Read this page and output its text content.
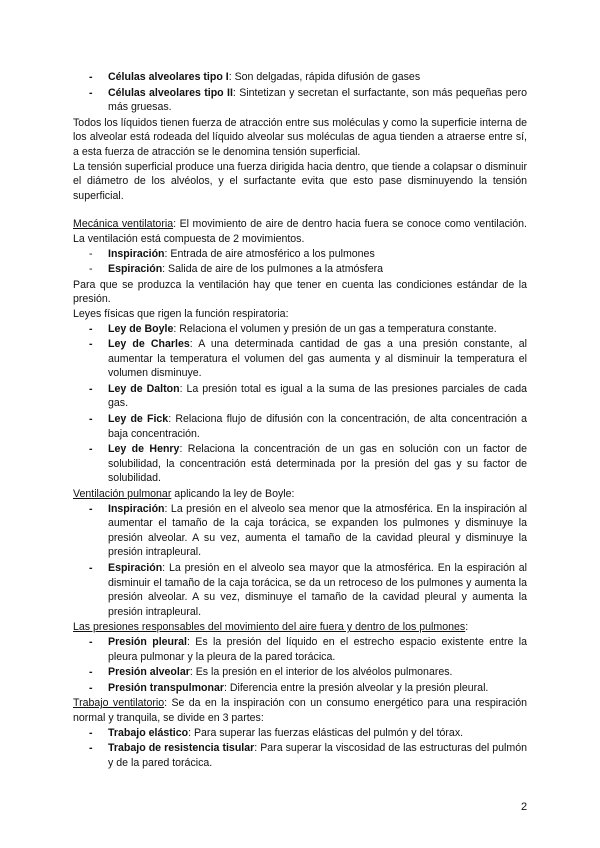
- Células alveolares tipo I: Son delgadas, rápida difusión de gases
- Células alveolares tipo II: Sintetizan y secretan el surfactante, son más pequeñas pero más gruesas.

Todos los líquidos tienen fuerza de atracción entre sus moléculas y como la superficie interna de los alveolar está rodeada del líquido alveolar sus moléculas de agua tienden a atraerse entre sí, a esta fuerza de atracción se le denomina tensión superficial.

La tensión superficial produce una fuerza dirigida hacia dentro, que tiende a colapsar o disminuir el diámetro de los alvéolos, y el surfactante evita que esto pase disminuyendo la tensión superficial.

Mecánica ventilatoria: El movimiento de aire de dentro hacia fuera se conoce como ventilación. La ventilación está compuesta de 2 movimientos.

- Inspiración: Entrada de aire atmosférico a los pulmones
- Espiración: Salida de aire de los pulmones a la atmósfera

Para que se produzca la ventilación hay que tener en cuenta las condiciones estándar de la presión.

Leyes físicas que rigen la función respiratoria:

- Ley de Boyle: Relaciona el volumen y presión de un gas a temperatura constante.
- Ley de Charles: A una determinada cantidad de gas a una presión constante, al aumentar la temperatura el volumen del gas aumenta y al disminuir la temperatura el volumen disminuye.
- Ley de Dalton: La presión total es igual a la suma de las presiones parciales de cada gas.
- Ley de Fick: Relaciona flujo de difusión con la concentración, de alta concentración a baja concentración.
- Ley de Henry: Relaciona la concentración de un gas en solución con un factor de solubilidad, la concentración está determinada por la presión del gas y su factor de solubilidad.

Ventilación pulmonar aplicando la ley de Boyle:

- Inspiración: La presión en el alveolo sea menor que la atmosférica. En la inspiración al aumentar el tamaño de la caja torácica, se expanden los pulmones y disminuye la presión alveolar. A su vez, aumenta el tamaño de la cavidad pleural y disminuye la presión intrapleural.
- Espiración: La presión en el alveolo sea mayor que la atmosférica. En la espiración al disminuir el tamaño de la caja torácica, se da un retroceso de los pulmones y aumenta la presión alveolar. A su vez, disminuye el tamaño de la cavidad pleural y aumenta la presión intrapleural.

Las presiones responsables del movimiento del aire fuera y dentro de los pulmones:

- Presión pleural: Es la presión del líquido en el estrecho espacio existente entre la pleura pulmonar y la pleura de la pared torácica.
- Presión alveolar: Es la presión en el interior de los alvéolos pulmonares.
- Presión transpulmonar: Diferencia entre la presión alveolar y la presión pleural.

Trabajo ventilatorio: Se da en la inspiración con un consumo energético para una respiración normal y tranquila, se divide en 3 partes:

- Trabajo elástico: Para superar las fuerzas elásticas del pulmón y del tórax.
- Trabajo de resistencia tisular: Para superar la viscosidad de las estructuras del pulmón y de la pared torácica.
2
